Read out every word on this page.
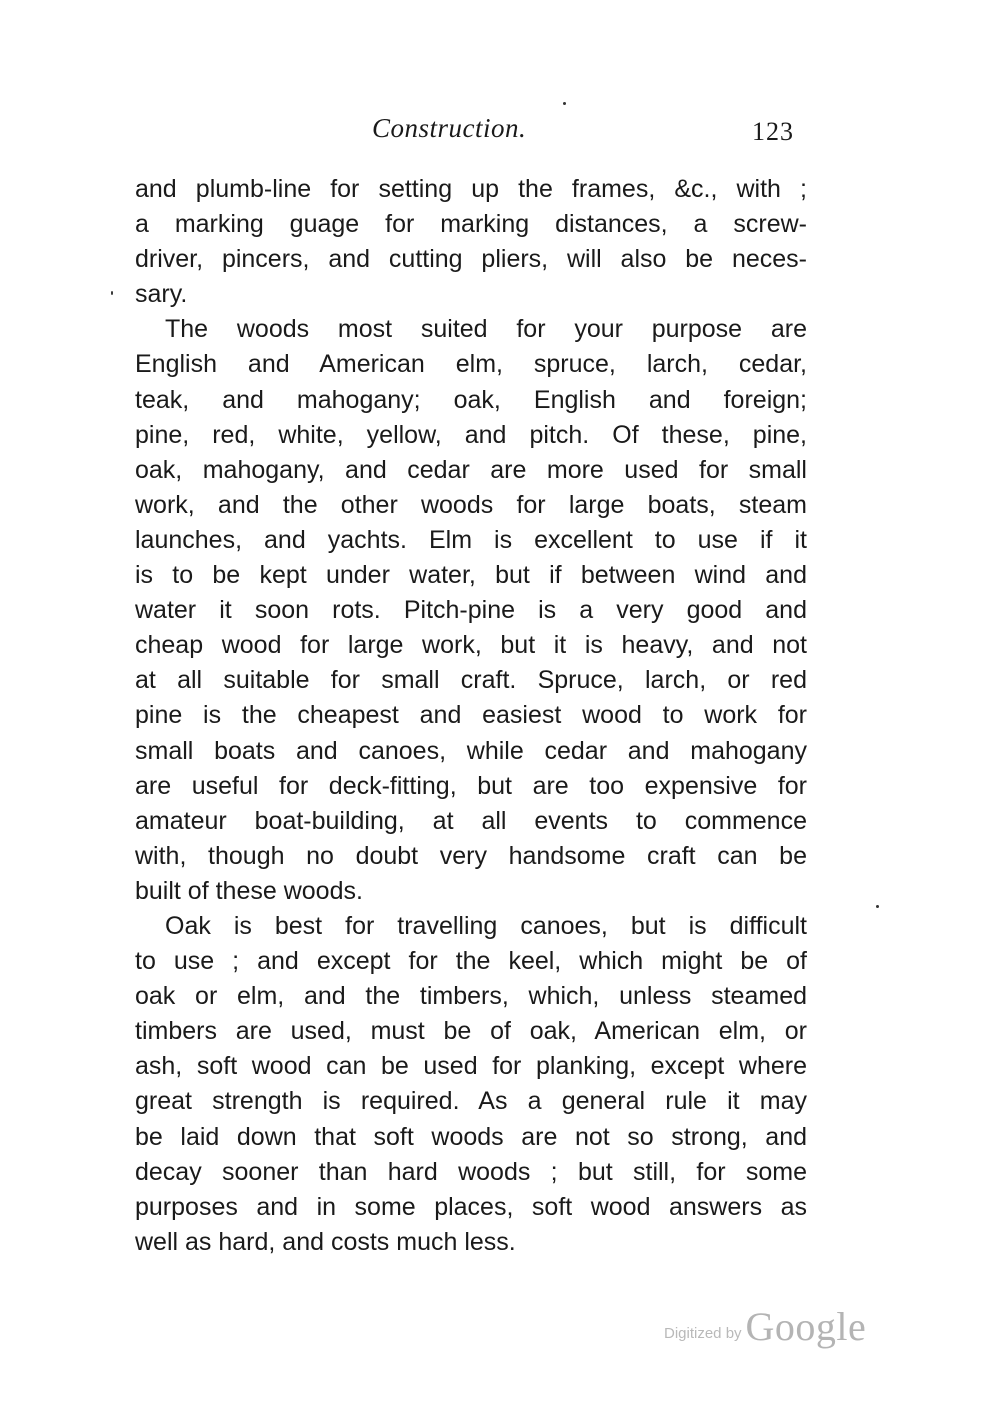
Construction.	123
and plumb-line for setting up the frames, &c., with ;
a marking guage for marking distances, a screw-
driver, pincers, and cutting pliers, will also be neces-
sary.
The woods most suited for your purpose are
English and American elm, spruce, larch, cedar,
teak, and mahogany; oak, English and foreign;
pine, red, white, yellow, and pitch. Of these, pine,
oak, mahogany, and cedar are more used for small
work, and the other woods for large boats, steam
launches, and yachts. Elm is excellent to use if it
is to be kept under water, but if between wind and
water it soon rots. Pitch-pine is a very good and
cheap wood for large work, but it is heavy, and not
at all suitable for small craft. Spruce, larch, or red
pine is the cheapest and easiest wood to work for
small boats and canoes, while cedar and mahogany
are useful for deck-fitting, but are too expensive for
amateur boat-building, at all events to commence
with, though no doubt very handsome craft can be
built of these woods.
Oak is best for travelling canoes, but is difficult
to use ; and except for the keel, which might be of
oak or elm, and the timbers, which, unless steamed
timbers are used, must be of oak, American elm, or
ash, soft wood can be used for planking, except where
great strength is required. As a general rule it may
be laid down that soft woods are not so strong, and
decay sooner than hard woods ; but still, for some
purposes and in some places, soft wood answers as
well as hard, and costs much less.
Digitized by Google
